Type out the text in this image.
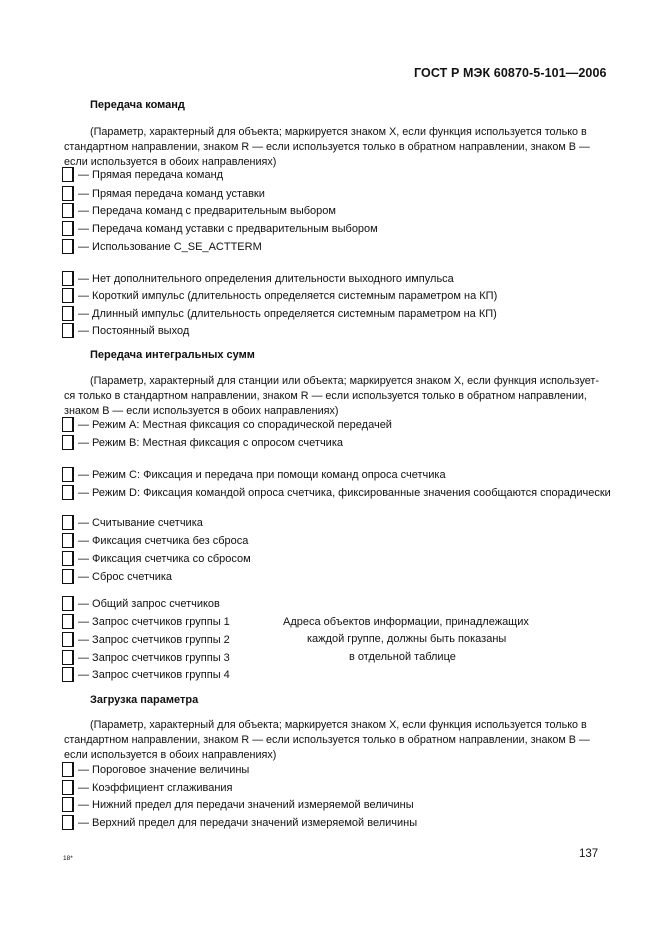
ГОСТ Р МЭК 60870-5-101—2006
Передача команд
(Параметр, характерный для объекта; маркируется знаком X, если функция используется только в стандартном направлении, знаком R — если используется только в обратном направлении, знаком B — если используется в обоих направлениях)
— Прямая передача команд
— Прямая передача команд уставки
— Передача команд с предварительным выбором
— Передача команд уставки с предварительным выбором
— Использование C_SE_ACTTERM
— Нет дополнительного определения длительности выходного импульса
— Короткий импульс (длительность определяется системным параметром на КП)
— Длинный импульс (длительность определяется системным параметром на КП)
— Постоянный выход
Передача интегральных сумм
(Параметр, характерный для станции или объекта; маркируется знаком X, если функция использует- ся только в стандартном направлении, знаком R — если используется только в обратном направлении, знаком B — если используется в обоих направлениях)
— Режим A: Местная фиксация со спорадической передачей
— Режим B: Местная фиксация с опросом счетчика
— Режим C: Фиксация и передача при помощи команд опроса счетчика
— Режим D: Фиксация командой опроса счетчика, фиксированные значения сообщаются спорадически
— Считывание счетчика
— Фиксация счетчика без сброса
— Фиксация счетчика со сбросом
— Сброс счетчика
— Общий запрос счетчиков
— Запрос счетчиков группы 1
— Запрос счетчиков группы 2
— Запрос счетчиков группы 3
— Запрос счетчиков группы 4
Адреса объектов информации, принадлежащих
каждой группе, должны быть показаны
в отдельной таблице
Загрузка параметра
(Параметр, характерный для объекта; маркируется знаком X, если функция используется только в стандартном направлении, знаком R — если используется только в обратном направлении, знаком B — если используется в обоих направлениях)
— Пороговое значение величины
— Коэффициент сглаживания
— Нижний предел для передачи значений измеряемой величины
— Верхний предел для передачи значений измеряемой величины
18*	137
